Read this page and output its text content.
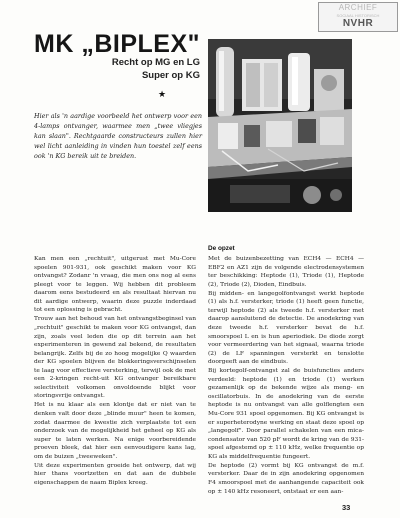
ARCHIEF
SOCIAAL HISTORISCH
NVHR
MK „BIPLEX"
Recht op MG en LG
Super op KG
★
Hier als 'n aardige voorbeeld het ontwerp voor een 4-lamps ontvanger, waarmee men „twee vliegjes kan slaan". Rechtgaarde constructeurs zullen hier wel licht aanleiding in vinden hun toestel zelf eens ook 'n KG bereik uit te breiden.
De opzet

Kan men een „rechtuit", uitgerust met Mu-Core spoelen 901-931, ook geschikt maken voor KG ontvangst? Zodanr 'n vraag, die men ons nog al eens pleegt voor te leggen. Wij hebben dit probleem daarom eens bestudeerd en als resultaat hiervan nu dit aardige ontwerp, waarin deze puzzle inderdaad tot een oplossing is gebracht.

Trouw aan het behoud van het ontvangstbeginsel van „rechtuit" geschikt te maken voor KG ontvangst, dan zijn, zoals veel leden die op dit terrein aan het experimenteren in gewend zal bekend, de resultaten belangrijk. Zelfs bij de zo hoog mogelijke Q waarden der KG spoelen blijven de blokkeringsverschijnselen te laag voor effectieve versterking, terwijl ook de met een 2-kringen recht-uit KG ontvanger bereikbare selectiviteit volkomen onvoldoende blijkt voor storingsvrije ontvangst.

Het is nu klaar als een klontje dat er niet van te denken valt door deze „blinde muur" heen te komen, zodat daarmee de kwestie zich verplaatste tot een onderzoek van de mogelijkheid het geheel op KG als super te laten werken. Na enige voorbereidende proeven bleek, dat hier een eenvoudigere kans lag, om de buizen „tweeweken".

Uit deze experimenten groeide het ontwerp, dat wij hier thans voortzetten en dat aan de dubbele eigenschappen de naam Biplex kreeg.

Met de buizenbezetting van ECH4 — ECH4 — EBF2 en AZ1 zijn de volgende electrodensystemen ter beschikking: Heptode (1), Triode (1), Heptode (2), Triode (2), Dioden, Eindbuis.

Bij midden- en langegolfontvangst werkt heptode (1) als h.f. versterker, triode (1) heeft geen functie, terwijl heptode (2) als tweede h.f. versterker met daarop aansluitend de detectie. De anodekring van deze tweede h.f. versterker bevat de h.f. smoorspoel L en is hun aperiodiek. De diode zorgt voor vermeerdering van het signaal, waarna triode (2) de LF spanningen versterkt en tenslotte doorgeeft aan de eindbuis.

Bij kortegolf-ontvangst zal de buisfuncties anders verdeeld: heptode (1) en triode (1) werken gezamenlijk op de bekende wijze als meng- en oscillatorbuis. In de anodekring van de eerste heptode is nu ontvangst van alle golflengten een Mu-Core 931 spoel opgenomen. Bij KG ontvangst is er superheterodyne werking en staat deze spoel op „langegolf". Door parallel schakelen van een mica-condensator van 520 pF wordt de kring van de 931-spoel afgestemd op ± 110 kHz, welke frequentie op KG als middelfrequentie fungeert.

De heptode (2) vormt bij KG ontvangst de m.f. versterker. Daar de in zijn anodekring opgenomen F4 smoorspoel met de aanhangende capaciteit ook op ± 140 kHz resoneert, ontstaat er een aan-

33
